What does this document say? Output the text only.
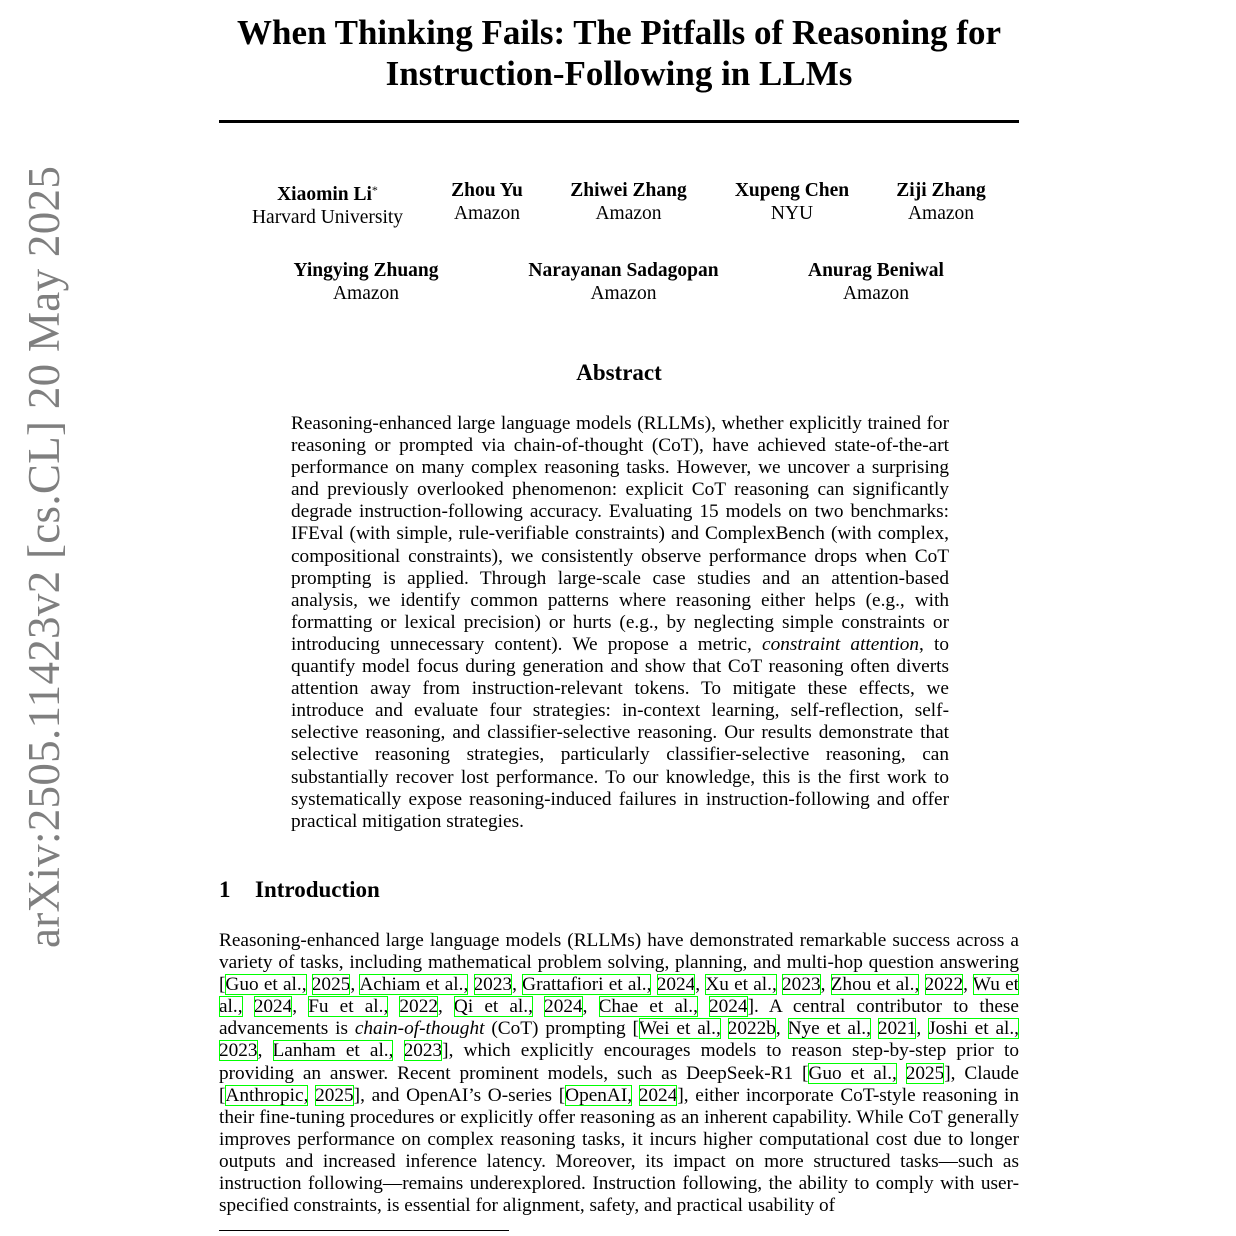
arXiv:2505.11423v2 [cs.CL] 20 May 2025
When Thinking Fails: The Pitfalls of Reasoning for Instruction-Following in LLMs
Xiaomin Li*
Harvard University
Zhou Yu
Amazon
Zhiwei Zhang
Amazon
Xupeng Chen
NYU
Ziji Zhang
Amazon
Yingying Zhuang
Amazon
Narayanan Sadagopan
Amazon
Anurag Beniwal
Amazon
Abstract
Reasoning-enhanced large language models (RLLMs), whether explicitly trained for reasoning or prompted via chain-of-thought (CoT), have achieved state-of-the-art performance on many complex reasoning tasks. However, we uncover a surprising and previously overlooked phenomenon: explicit CoT reasoning can significantly degrade instruction-following accuracy. Evaluating 15 models on two benchmarks: IFEval (with simple, rule-verifiable constraints) and ComplexBench (with complex, compositional constraints), we consistently observe performance drops when CoT prompting is applied. Through large-scale case studies and an attention-based analysis, we identify common patterns where reasoning either helps (e.g., with formatting or lexical precision) or hurts (e.g., by neglecting simple constraints or introducing unnecessary content). We propose a metric, constraint attention, to quantify model focus during generation and show that CoT reasoning often diverts attention away from instruction-relevant tokens. To mitigate these effects, we introduce and evaluate four strategies: in-context learning, self-reflection, self-selective reasoning, and classifier-selective reasoning. Our results demonstrate that selective reasoning strategies, particularly classifier-selective reasoning, can substantially recover lost performance. To our knowledge, this is the first work to systematically expose reasoning-induced failures in instruction-following and offer practical mitigation strategies.
1 Introduction
Reasoning-enhanced large language models (RLLMs) have demonstrated remarkable success across a variety of tasks, including mathematical problem solving, planning, and multi-hop question answering [Guo et al., 2025, Achiam et al., 2023, Grattafiori et al., 2024, Xu et al., 2023, Zhou et al., 2022, Wu et al., 2024, Fu et al., 2022, Qi et al., 2024, Chae et al., 2024]. A central contributor to these advancements is chain-of-thought (CoT) prompting [Wei et al., 2022b, Nye et al., 2021, Joshi et al., 2023, Lanham et al., 2023], which explicitly encourages models to reason step-by-step prior to providing an answer. Recent prominent models, such as DeepSeek-R1 [Guo et al., 2025], Claude [Anthropic, 2025], and OpenAI’s O-series [OpenAI, 2024], either incorporate CoT-style reasoning in their fine-tuning procedures or explicitly offer reasoning as an inherent capability. While CoT generally improves performance on complex reasoning tasks, it incurs higher computational cost due to longer outputs and increased inference latency. Moreover, its impact on more structured tasks—such as instruction following—remains underexplored. Instruction following, the ability to comply with user-specified constraints, is essential for alignment, safety, and practical usability of
